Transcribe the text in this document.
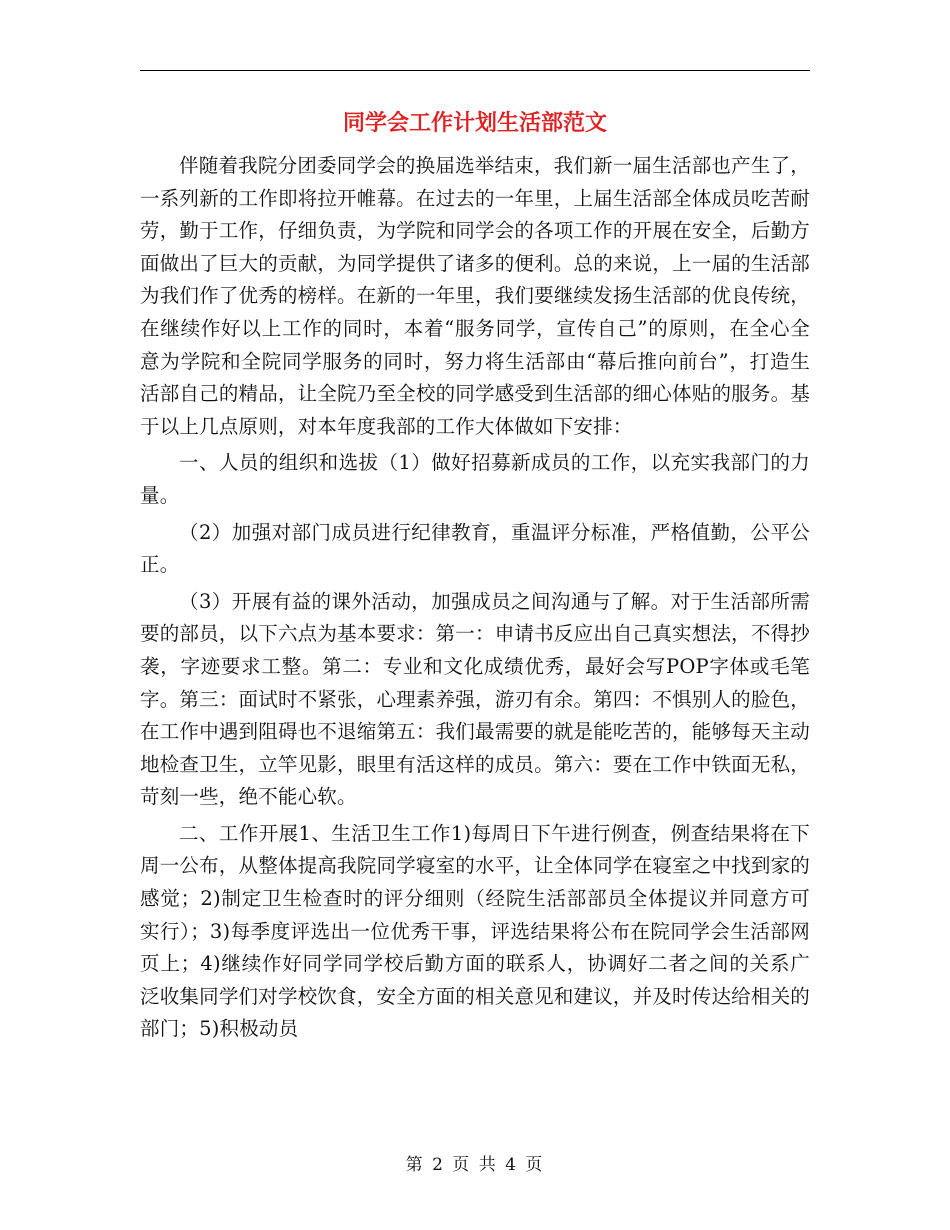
同学会工作计划生活部范文

伴随着我院分团委同学会的换届选举结束，我们新一届生活部也产生了，一系列新的工作即将拉开帷幕。在过去的一年里，上届生活部全体成员吃苦耐劳，勤于工作，仔细负责，为学院和同学会的各项工作的开展在安全，后勤方面做出了巨大的贡献，为同学提供了诸多的便利。总的来说，上一届的生活部为我们作了优秀的榜样。在新的一年里，我们要继续发扬生活部的优良传统，在继续作好以上工作的同时，本着“服务同学，宣传自己”的原则，在全心全意为学院和全院同学服务的同时，努力将生活部由“幕后推向前台”，打造生活部自己的精品，让全院乃至全校的同学感受到生活部的细心体贴的服务。基于以上几点原则，对本年度我部的工作大体做如下安排：

一、人员的组织和选拔（1）做好招募新成员的工作，以充实我部门的力量。

（2）加强对部门成员进行纪律教育，重温评分标准，严格值勤，公平公正。

（3）开展有益的课外活动，加强成员之间沟通与了解。对于生活部所需要的部员，以下六点为基本要求：第一：申请书反应出自己真实想法，不得抄袭，字迹要求工整。第二：专业和文化成绩优秀，最好会写POP字体或毛笔字。第三：面试时不紧张，心理素养强，游刃有余。第四：不惧别人的脸色，在工作中遇到阻碍也不退缩第五：我们最需要的就是能吃苦的，能够每天主动地检查卫生，立竿见影，眼里有活这样的成员。第六：要在工作中铁面无私，苛刻一些，绝不能心软。

二、工作开展1、生活卫生工作1)每周日下午进行例查，例查结果将在下周一公布，从整体提高我院同学寝室的水平，让全体同学在寝室之中找到家的感觉；2)制定卫生检查时的评分细则（经院生活部部员全体提议并同意方可实行）；3)每季度评选出一位优秀干事，评选结果将公布在院同学会生活部网页上；4)继续作好同学同学校后勤方面的联系人，协调好二者之间的关系广泛收集同学们对学校饮食，安全方面的相关意见和建议，并及时传达给相关的部门；5)积极动员

第 2 页 共 4 页
